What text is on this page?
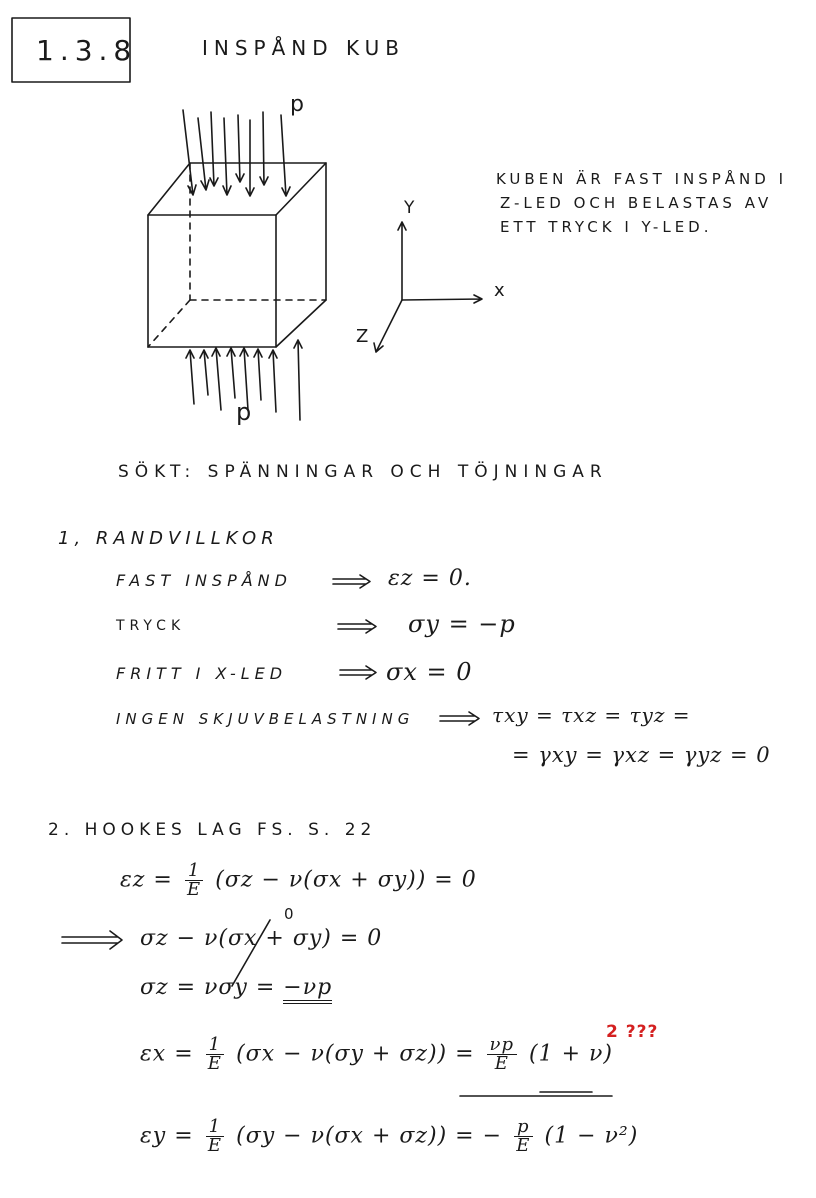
1.3.8	INSPÅND KUB
p
p
Y
x
Z
KUBEN ÄR FAST INSPÅND I
Z-LED OCH BELASTAS AV
ETT TRYCK I Y-LED.
SÖKT: SPÄNNINGAR OCH TÖJNINGAR
1, RANDVILLKOR
FAST INSPÅND	εz = 0.
TRYCK	σy = −p
FRITT I X-LED	σx = 0
INGEN SKJUVBELASTNING	τxy = τxz = τyz =
= γxy = γxz = γyz = 0
2. HOOKES LAG FS. S. 22
$\varepsilon z = \frac{1}{E} (\sigma z - \nu(\sigma x + \sigma y)) = 0$
σz − ν(σx + σy) = 0
0
σz = νσy = −νp
$\varepsilon x = \frac{1}{E} (\sigma x - \nu(\sigma y + \sigma z)) = \frac{\nu p}{E} (1 + \nu)$
2 ???
$\varepsilon y = \frac{1}{E} (\sigma y - \nu(\sigma x + \sigma z))$ = − $\frac{p}{E} (1 - \nu^2)$
